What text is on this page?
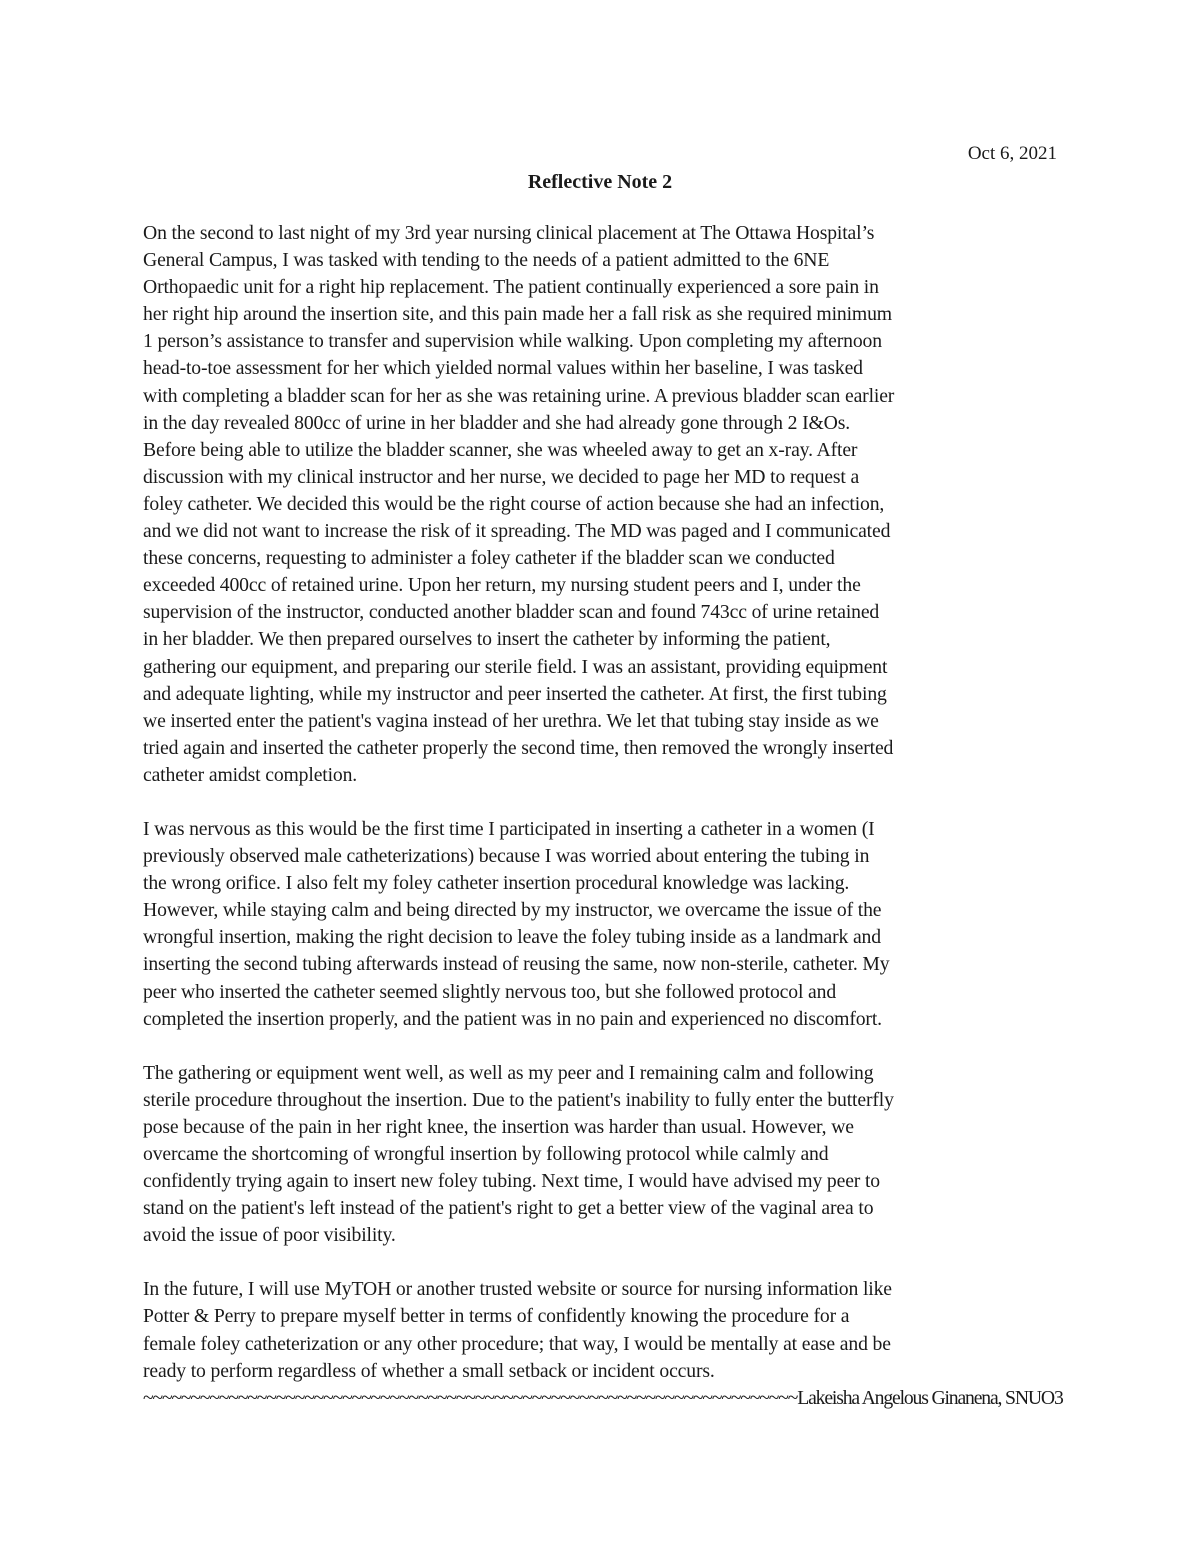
Oct 6, 2021
Reflective Note 2
On the second to last night of my 3rd year nursing clinical placement at The Ottawa Hospital’s
General Campus, I was tasked with tending to the needs of a patient admitted to the 6NE
Orthopaedic unit for a right hip replacement. The patient continually experienced a sore pain in
her right hip around the insertion site, and this pain made her a fall risk as she required minimum
1 person’s assistance to transfer and supervision while walking. Upon completing my afternoon
head-to-toe assessment for her which yielded normal values within her baseline, I was tasked
with completing a bladder scan for her as she was retaining urine. A previous bladder scan earlier
in the day revealed 800cc of urine in her bladder and she had already gone through 2 I&Os.
Before being able to utilize the bladder scanner, she was wheeled away to get an x-ray. After
discussion with my clinical instructor and her nurse, we decided to page her MD to request a
foley catheter. We decided this would be the right course of action because she had an infection,
and we did not want to increase the risk of it spreading. The MD was paged and I communicated
these concerns, requesting to administer a foley catheter if the bladder scan we conducted
exceeded 400cc of retained urine. Upon her return, my nursing student peers and I, under the
supervision of the instructor, conducted another bladder scan and found 743cc of urine retained
in her bladder. We then prepared ourselves to insert the catheter by informing the patient,
gathering our equipment, and preparing our sterile field. I was an assistant, providing equipment
and adequate lighting, while my instructor and peer inserted the catheter. At first, the first tubing
we inserted enter the patient's vagina instead of her urethra. We let that tubing stay inside as we
tried again and inserted the catheter properly the second time, then removed the wrongly inserted
catheter amidst completion.
I was nervous as this would be the first time I participated in inserting a catheter in a women (I
previously observed male catheterizations) because I was worried about entering the tubing in
the wrong orifice. I also felt my foley catheter insertion procedural knowledge was lacking.
However, while staying calm and being directed by my instructor, we overcame the issue of the
wrongful insertion, making the right decision to leave the foley tubing inside as a landmark and
inserting the second tubing afterwards instead of reusing the same, now non-sterile, catheter. My
peer who inserted the catheter seemed slightly nervous too, but she followed protocol and
completed the insertion properly, and the patient was in no pain and experienced no discomfort.
The gathering or equipment went well, as well as my peer and I remaining calm and following
sterile procedure throughout the insertion. Due to the patient's inability to fully enter the butterfly
pose because of the pain in her right knee, the insertion was harder than usual. However, we
overcame the shortcoming of wrongful insertion by following protocol while calmly and
confidently trying again to insert new foley tubing. Next time, I would have advised my peer to
stand on the patient's left instead of the patient's right to get a better view of the vaginal area to
avoid the issue of poor visibility.
In the future, I will use MyTOH or another trusted website or source for nursing information like
Potter & Perry to prepare myself better in terms of confidently knowing the procedure for a
female foley catheterization or any other procedure; that way, I would be mentally at ease and be
ready to perform regardless of whether a small setback or incident occurs.
~~~~~~~~~~~~~~~~~~~~~~~~~~~~~~~~~~~~~~~~~~~~~~~~~~~~~~~~~~~~~~~~~~~~~Lakeisha Angelous Ginanena, SNUO3
